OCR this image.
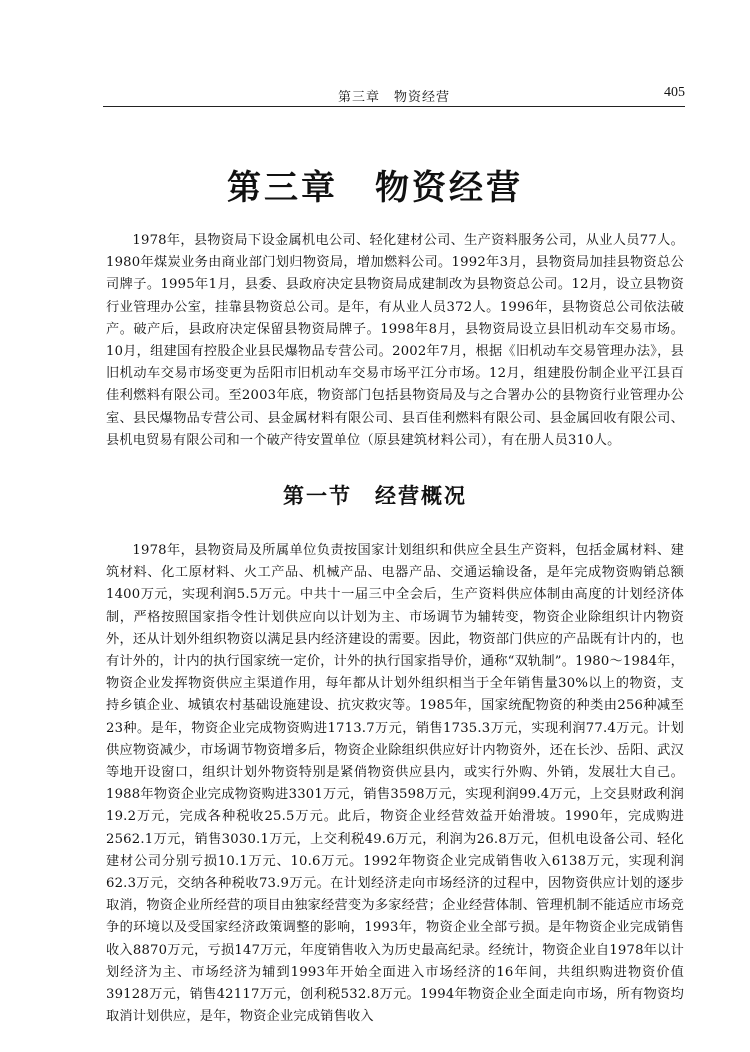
第三章　物资经营	405
第三章　物资经营

1978年，县物资局下设金属机电公司、轻化建材公司、生产资料服务公司，从业人员77人。1980年煤炭业务由商业部门划归物资局，增加燃料公司。1992年3月，县物资局加挂县物资总公司牌子。1995年1月，县委、县政府决定县物资局成建制改为县物资总公司。12月，设立县物资行业管理办公室，挂靠县物资总公司。是年，有从业人员372人。1996年，县物资总公司依法破产。破产后，县政府决定保留县物资局牌子。1998年8月，县物资局设立县旧机动车交易市场。10月，组建国有控股企业县民爆物品专营公司。2002年7月，根据《旧机动车交易管理办法》，县旧机动车交易市场变更为岳阳市旧机动车交易市场平江分市场。12月，组建股份制企业平江县百佳利燃料有限公司。至2003年底，物资部门包括县物资局及与之合署办公的县物资行业管理办公室、县民爆物品专营公司、县金属材料有限公司、县百佳利燃料有限公司、县金属回收有限公司、县机电贸易有限公司和一个破产待安置单位（原县建筑材料公司），有在册人员310人。

第一节　经营概况

1978年，县物资局及所属单位负责按国家计划组织和供应全县生产资料，包括金属材料、建筑材料、化工原材料、火工产品、机械产品、电器产品、交通运输设备，是年完成物资购销总额1400万元，实现利润5.5万元。中共十一届三中全会后，生产资料供应体制由高度的计划经济体制，严格按照国家指令性计划供应向以计划为主、市场调节为辅转变，物资企业除组织计内物资外，还从计划外组织物资以满足县内经济建设的需要。因此，物资部门供应的产品既有计内的，也有计外的，计内的执行国家统一定价，计外的执行国家指导价，通称“双轨制”。1980～1984年，物资企业发挥物资供应主渠道作用，每年都从计划外组织相当于全年销售量30%以上的物资，支持乡镇企业、城镇农村基础设施建设、抗灾救灾等。1985年，国家统配物资的种类由256种减至23种。是年，物资企业完成物资购进1713.7万元，销售1735.3万元，实现利润77.4万元。计划供应物资减少，市场调节物资增多后，物资企业除组织供应好计内物资外，还在长沙、岳阳、武汉等地开设窗口，组织计划外物资特别是紧俏物资供应县内，或实行外购、外销，发展壮大自己。1988年物资企业完成物资购进3301万元，销售3598万元，实现利润99.4万元，上交县财政利润19.2万元，完成各种税收25.5万元。此后，物资企业经营效益开始滑坡。1990年，完成购进2562.1万元，销售3030.1万元，上交利税49.6万元，利润为26.8万元，但机电设备公司、轻化建材公司分别亏损10.1万元、10.6万元。1992年物资企业完成销售收入6138万元，实现利润62.3万元，交纳各种税收73.9万元。在计划经济走向市场经济的过程中，因物资供应计划的逐步取消，物资企业所经营的项目由独家经营变为多家经营；企业经营体制、管理机制不能适应市场竞争的环境以及受国家经济政策调整的影响，1993年，物资企业全部亏损。是年物资企业完成销售收入8870万元，亏损147万元，年度销售收入为历史最高纪录。经统计，物资企业自1978年以计划经济为主、市场经济为辅到1993年开始全面进入市场经济的16年间，共组织购进物资价值39128万元，销售42117万元，创利税532.8万元。1994年物资企业全面走向市场，所有物资均取消计划供应，是年，物资企业完成销售收入
